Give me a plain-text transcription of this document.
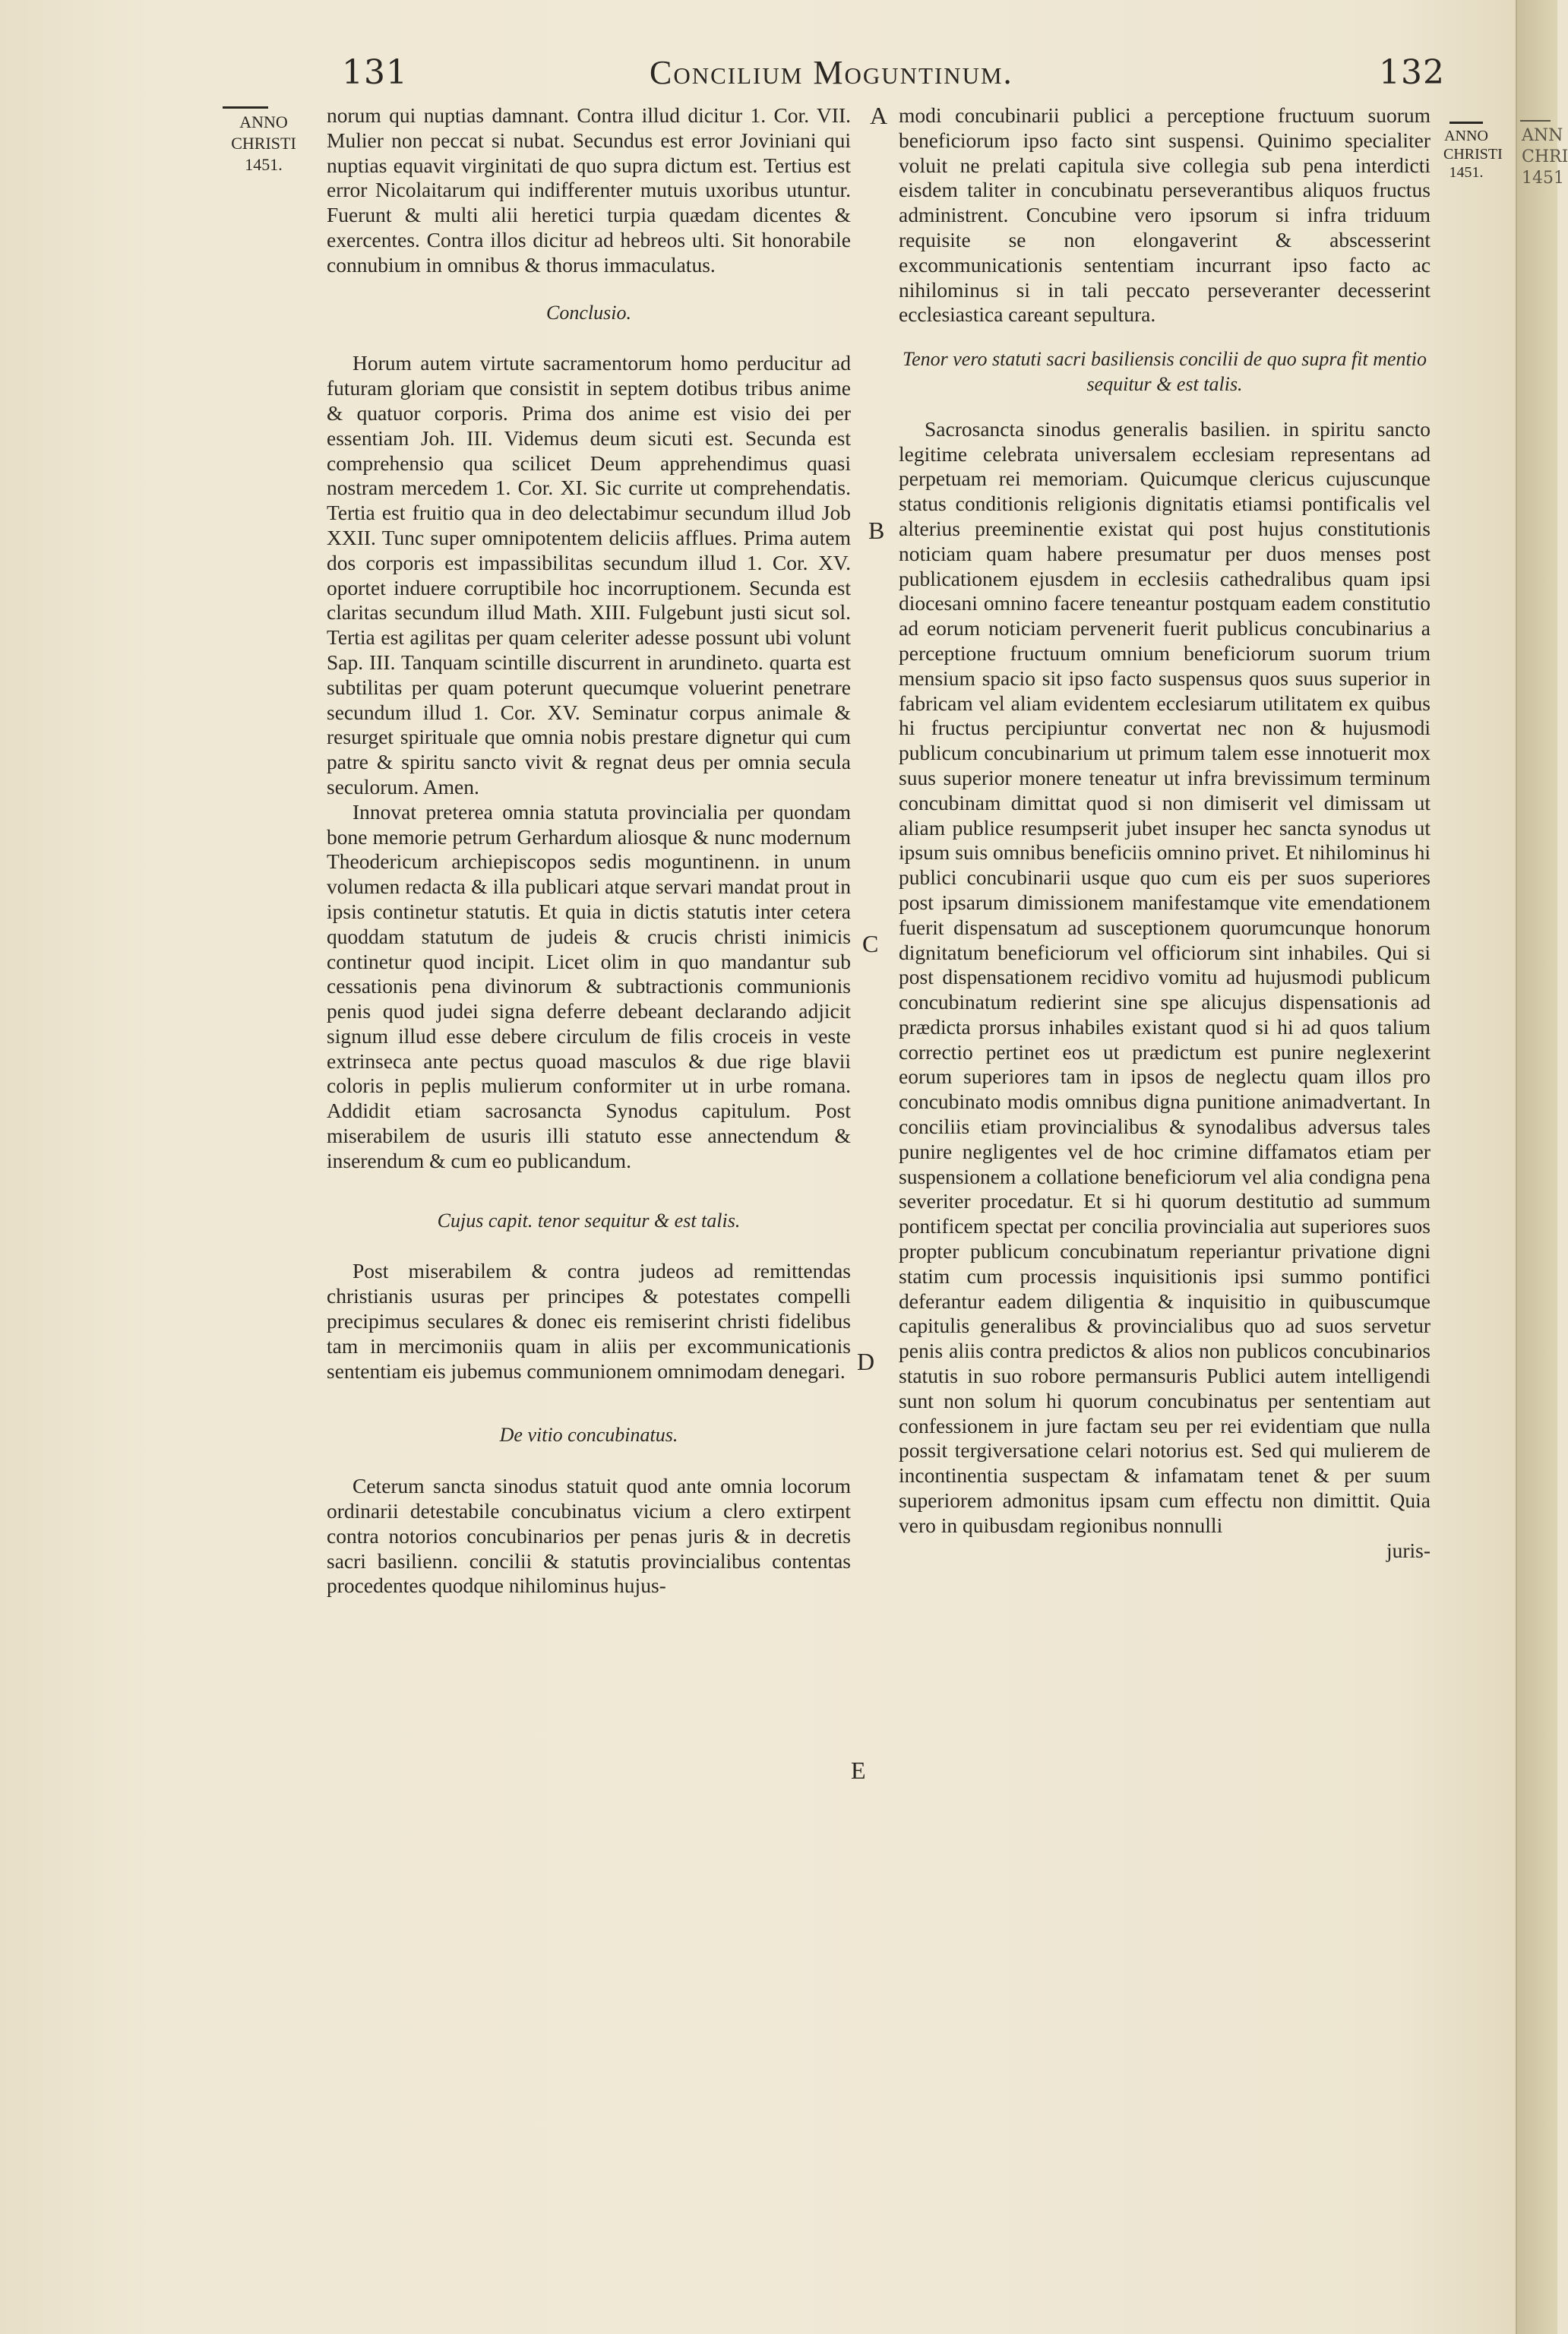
131	Concilium Moguntinum.	132
ANNO
CHRISTI
1451.
ANNO
CHRISTI
1451.
A
B
C
D
E

norum qui nuptias damnant. Contra illud dicitur 1. Cor. VII. Mulier non peccat si nubat. Secundus est error Joviniani qui nuptias equavit virginitati de quo supra dictum est. Tertius est error Nicolaitarum qui indifferenter mutuis uxoribus utuntur. Fuerunt & multi alii heretici turpia quædam dicentes & exercentes. Contra illos dicitur ad hebreos ulti. Sit honorabile connubium in omnibus & thorus immaculatus.

Conclusio.

Horum autem virtute sacramentorum homo perducitur ad futuram gloriam que consistit in septem dotibus tribus anime & quatuor corporis. Prima dos anime est visio dei per essentiam Joh. III. Videmus deum sicuti est. Secunda est comprehensio qua scilicet Deum apprehendimus quasi nostram mercedem 1. Cor. XI. Sic currite ut comprehendatis. Tertia est fruitio qua in deo delectabimur secundum illud Job XXII. Tunc super omnipotentem deliciis afflues. Prima autem dos corporis est impassibilitas secundum illud 1. Cor. XV. oportet induere corruptibile hoc incorruptionem. Secunda est claritas secundum illud Math. XIII. Fulgebunt justi sicut sol. Tertia est agilitas per quam celeriter adesse possunt ubi volunt Sap. III. Tanquam scintille discurrent in arundineto. quarta est subtilitas per quam poterunt quecumque voluerint penetrare secundum illud 1. Cor. XV. Seminatur corpus animale & resurget spirituale que omnia nobis prestare dignetur qui cum patre & spiritu sancto vivit & regnat deus per omnia secula seculorum. Amen.

Innovat preterea omnia statuta provincialia per quondam bone memorie petrum Gerhardum aliosque & nunc modernum Theodericum archiepiscopos sedis moguntinenn. in unum volumen redacta & illa publicari atque servari mandat prout in ipsis continetur statutis. Et quia in dictis statutis inter cetera quoddam statutum de judeis & crucis christi inimicis continetur quod incipit. Licet olim in quo mandantur sub cessationis pena divinorum & subtractionis communionis penis quod judei signa deferre debeant declarando adjicit signum illud esse debere circulum de filis croceis in veste extrinseca ante pectus quoad masculos & due rige blavii coloris in peplis mulierum conformiter ut in urbe romana. Addidit etiam sacrosancta Synodus capitulum. Post miserabilem de usuris illi statuto esse annectendum & inserendum & cum eo publicandum.

Cujus capit. tenor sequitur & est talis.

Post miserabilem & contra judeos ad remittendas christianis usuras per principes & potestates compelli precipimus seculares & donec eis remiserint christi fidelibus tam in mercimoniis quam in aliis per excommunicationis sententiam eis jubemus communionem omnimodam denegari.

De vitio concubinatus.

Ceterum sancta sinodus statuit quod ante omnia locorum ordinarii detestabile concubinatus vicium a clero extirpent contra notorios concubinarios per penas juris & in decretis sacri basilienn. concilii & statutis provincialibus contentas procedentes quodque nihilominus hujus-

modi concubinarii publici a perceptione fructuum suorum beneficiorum ipso facto sint suspensi. Quinimo specialiter voluit ne prelati capitula sive collegia sub pena interdicti eisdem taliter in concubinatu perseverantibus aliquos fructus administrent. Concubine vero ipsorum si infra triduum requisite se non elongaverint & abscesserint excommunicationis sententiam incurrant ipso facto ac nihilominus si in tali peccato perseveranter decesserint ecclesiastica careant sepultura.

Tenor vero statuti sacri basiliensis concilii de quo supra fit mentio sequitur & est talis.

Sacrosancta sinodus generalis basilien. in spiritu sancto legitime celebrata universalem ecclesiam representans ad perpetuam rei memoriam. Quicumque clericus cujuscunque status conditionis religionis dignitatis etiamsi pontificalis vel alterius preeminentie existat qui post hujus constitutionis noticiam quam habere presumatur per duos menses post publicationem ejusdem in ecclesiis cathedralibus quam ipsi diocesani omnino facere teneantur postquam eadem constitutio ad eorum noticiam pervenerit fuerit publicus concubinarius a perceptione fructuum omnium beneficiorum suorum trium mensium spacio sit ipso facto suspensus quos suus superior in fabricam vel aliam evidentem ecclesiarum utilitatem ex quibus hi fructus percipiuntur convertat nec non & hujusmodi publicum concubinarium ut primum talem esse innotuerit mox suus superior monere teneatur ut infra brevissimum terminum concubinam dimittat quod si non dimiserit vel dimissam ut aliam publice resumpserit jubet insuper hec sancta synodus ut ipsum suis omnibus beneficiis omnino privet. Et nihilominus hi publici concubinarii usque quo cum eis per suos superiores post ipsarum dimissionem manifestamque vite emendationem fuerit dispensatum ad susceptionem quorumcunque honorum dignitatum beneficiorum vel officiorum sint inhabiles. Qui si post dispensationem recidivo vomitu ad hujusmodi publicum concubinatum redierint sine spe alicujus dispensationis ad prædicta prorsus inhabiles existant quod si hi ad quos talium correctio pertinet eos ut prædictum est punire neglexerint eorum superiores tam in ipsos de neglectu quam illos pro concubinato modis omnibus digna punitione animadvertant. In conciliis etiam provincialibus & synodalibus adversus tales punire negligentes vel de hoc crimine diffamatos etiam per suspensionem a collatione beneficiorum vel alia condigna pena severiter procedatur. Et si hi quorum destitutio ad summum pontificem spectat per concilia provincialia aut superiores suos propter publicum concubinatum reperiantur privatione digni statim cum processis inquisitionis ipsi summo pontifici deferantur eadem diligentia & inquisitio in quibuscumque capitulis generalibus & provincialibus quo ad suos servetur penis aliis contra predictos & alios non publicos concubinarios statutis in suo robore permansuris Publici autem intelligendi sunt non solum hi quorum concubinatus per sententiam aut confessionem in jure factam seu per rei evidentiam que nulla possit tergiversatione celari notorius est. Sed qui mulierem de incontinentia suspectam & infamatam tenet & per suum superiorem admonitus ipsam cum effectu non dimittit. Quia vero in quibusdam regionibus nonnulli

juris-

ANN
CHRI
1451
